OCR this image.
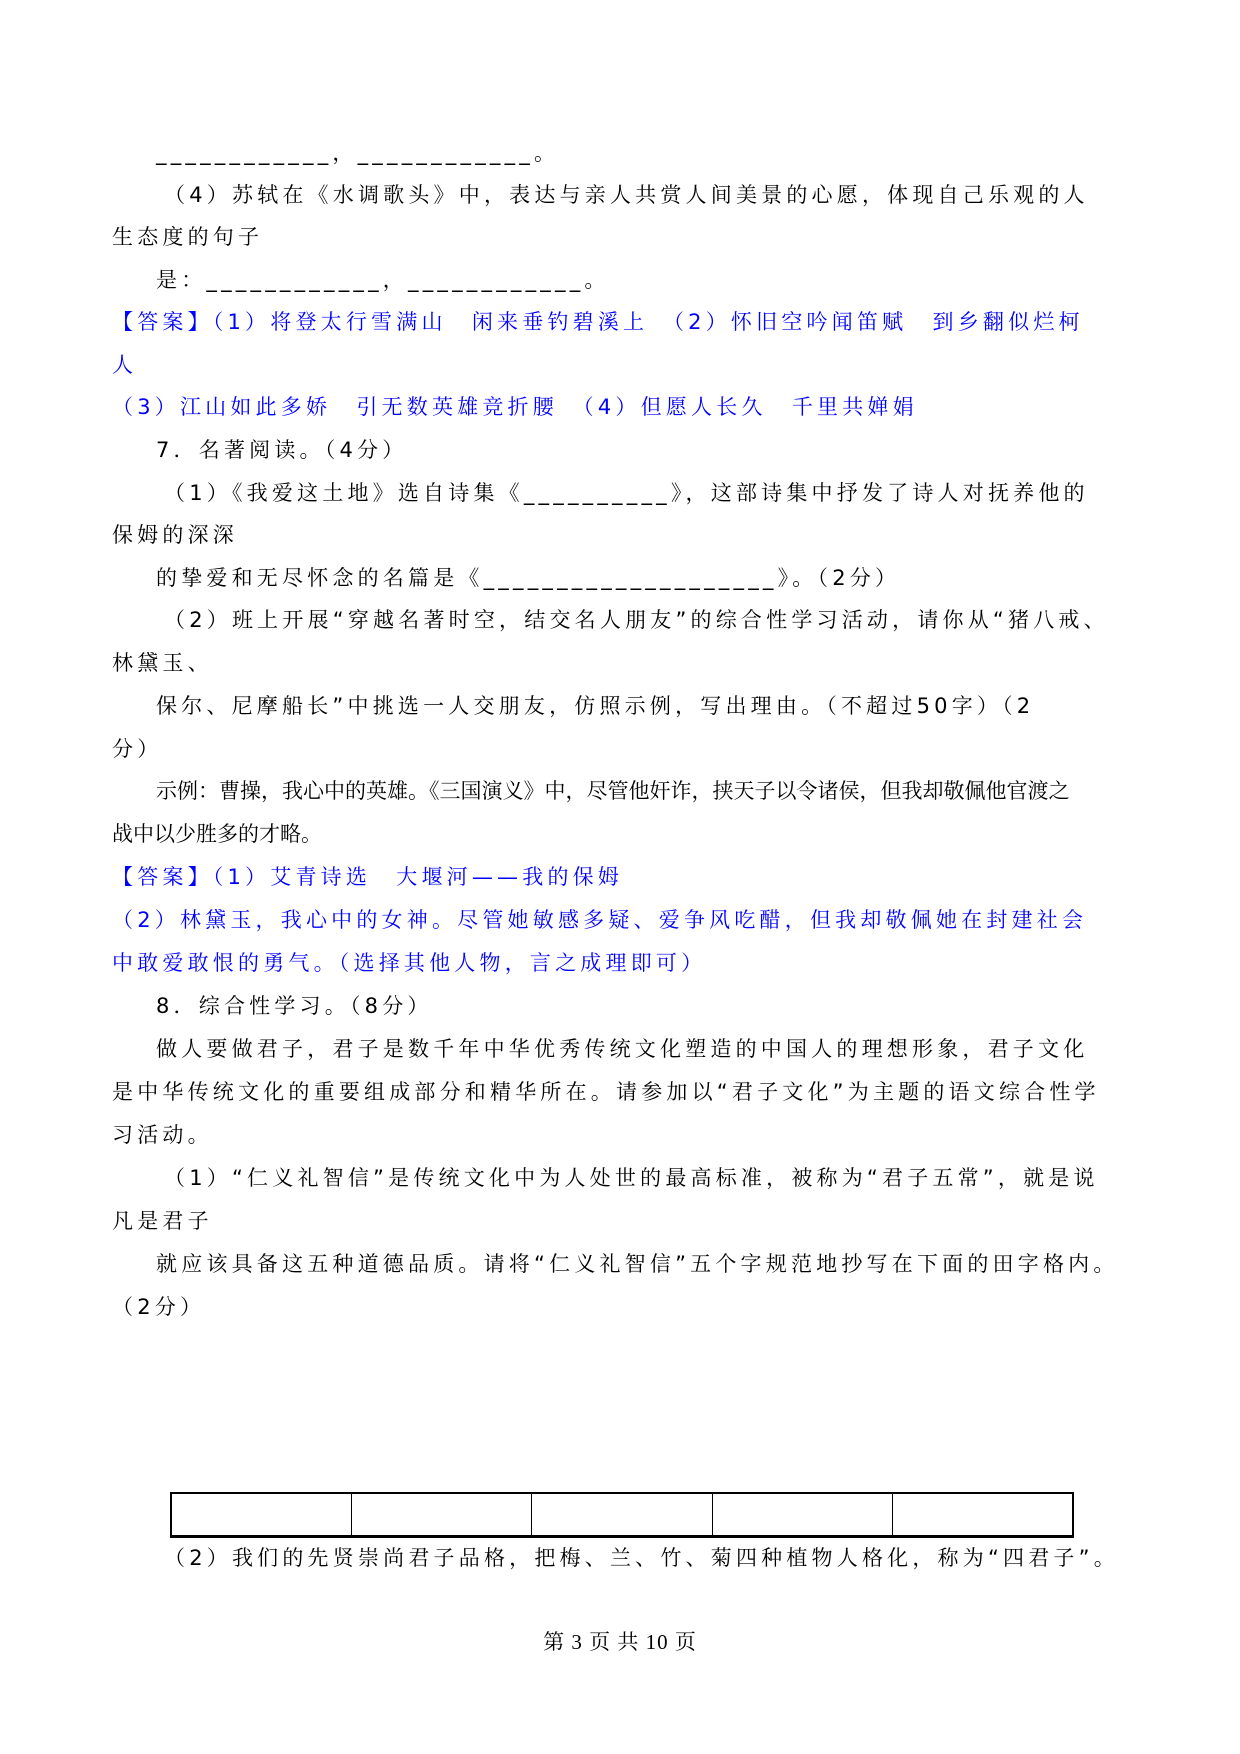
____________，____________。
（4）苏轼在《水调歌头》中，表达与亲人共赏人间美景的心愿，体现自己乐观的人
生态度的句子
是：____________，____________。
【答案】（1）将登太行雪满山　闲来垂钓碧溪上　（2）怀旧空吟闻笛赋　到乡翻似烂柯
人
（3）江山如此多娇　引无数英雄竞折腰　（4）但愿人长久　千里共婵娟
7．名著阅读。（4分）
（1）《我爱这土地》选自诗集《__________》，这部诗集中抒发了诗人对抚养他的
保姆的深深
的挚爱和无尽怀念的名篇是《____________________》。（2分）
（2）班上开展“穿越名著时空，结交名人朋友”的综合性学习活动，请你从“猪八戒、
林黛玉、
保尔、尼摩船长”中挑选一人交朋友，仿照示例，写出理由。（不超过50字）（2
分）
示例：曹操，我心中的英雄。《三国演义》中，尽管他奸诈，挟天子以令诸侯，但我却敬佩他官渡之
战中以少胜多的才略。
【答案】（1）艾青诗选　大堰河——我的保姆
（2）林黛玉，我心中的女神。尽管她敏感多疑、爱争风吃醋，但我却敬佩她在封建社会
中敢爱敢恨的勇气。（选择其他人物，言之成理即可）
8．综合性学习。（8分）
做人要做君子，君子是数千年中华优秀传统文化塑造的中国人的理想形象，君子文化
是中华传统文化的重要组成部分和精华所在。请参加以“君子文化”为主题的语文综合性学
习活动。
（1）“仁义礼智信”是传统文化中为人处世的最高标准，被称为“君子五常”，就是说
凡是君子
就应该具备这五种道德品质。请将“仁义礼智信”五个字规范地抄写在下面的田字格内。
（2分）
（2）我们的先贤崇尚君子品格，把梅、兰、竹、菊四种植物人格化，称为“四君子”。
第 3 页 共 10 页
